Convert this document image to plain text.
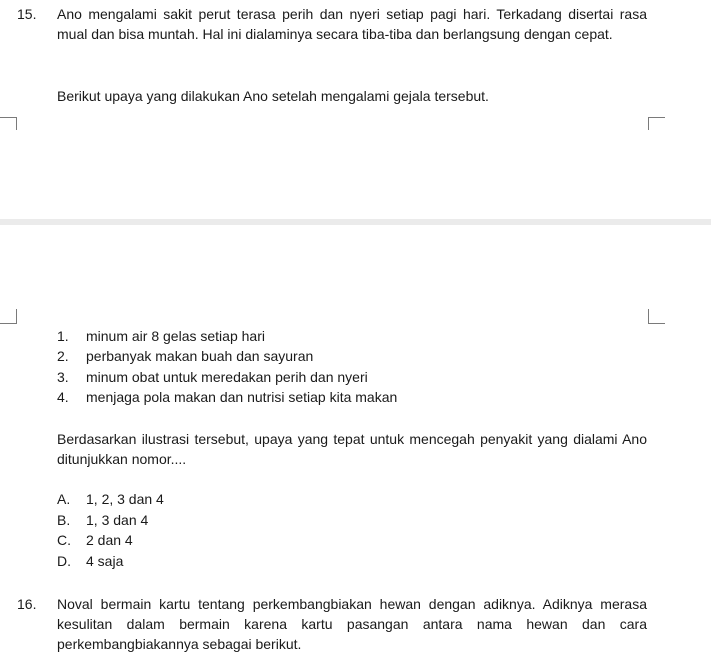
15. Ano mengalami sakit perut terasa perih dan nyeri setiap pagi hari. Terkadang disertai rasa mual dan bisa muntah. Hal ini dialaminya secara tiba-tiba dan berlangsung dengan cepat.
Berikut upaya yang dilakukan Ano setelah mengalami gejala tersebut.
1. minum air 8 gelas setiap hari
2. perbanyak makan buah dan sayuran
3. minum obat untuk meredakan perih dan nyeri
4. menjaga pola makan dan nutrisi setiap kita makan
Berdasarkan ilustrasi tersebut, upaya yang tepat untuk mencegah penyakit yang dialami Ano ditunjukkan nomor....
A. 1, 2, 3 dan 4
B. 1, 3 dan 4
C. 2 dan 4
D. 4 saja
16. Noval bermain kartu tentang perkembangbiakan hewan dengan adiknya. Adiknya merasa kesulitan dalam bermain karena kartu pasangan antara nama hewan dan cara perkembangbiakannya sebagai berikut.
